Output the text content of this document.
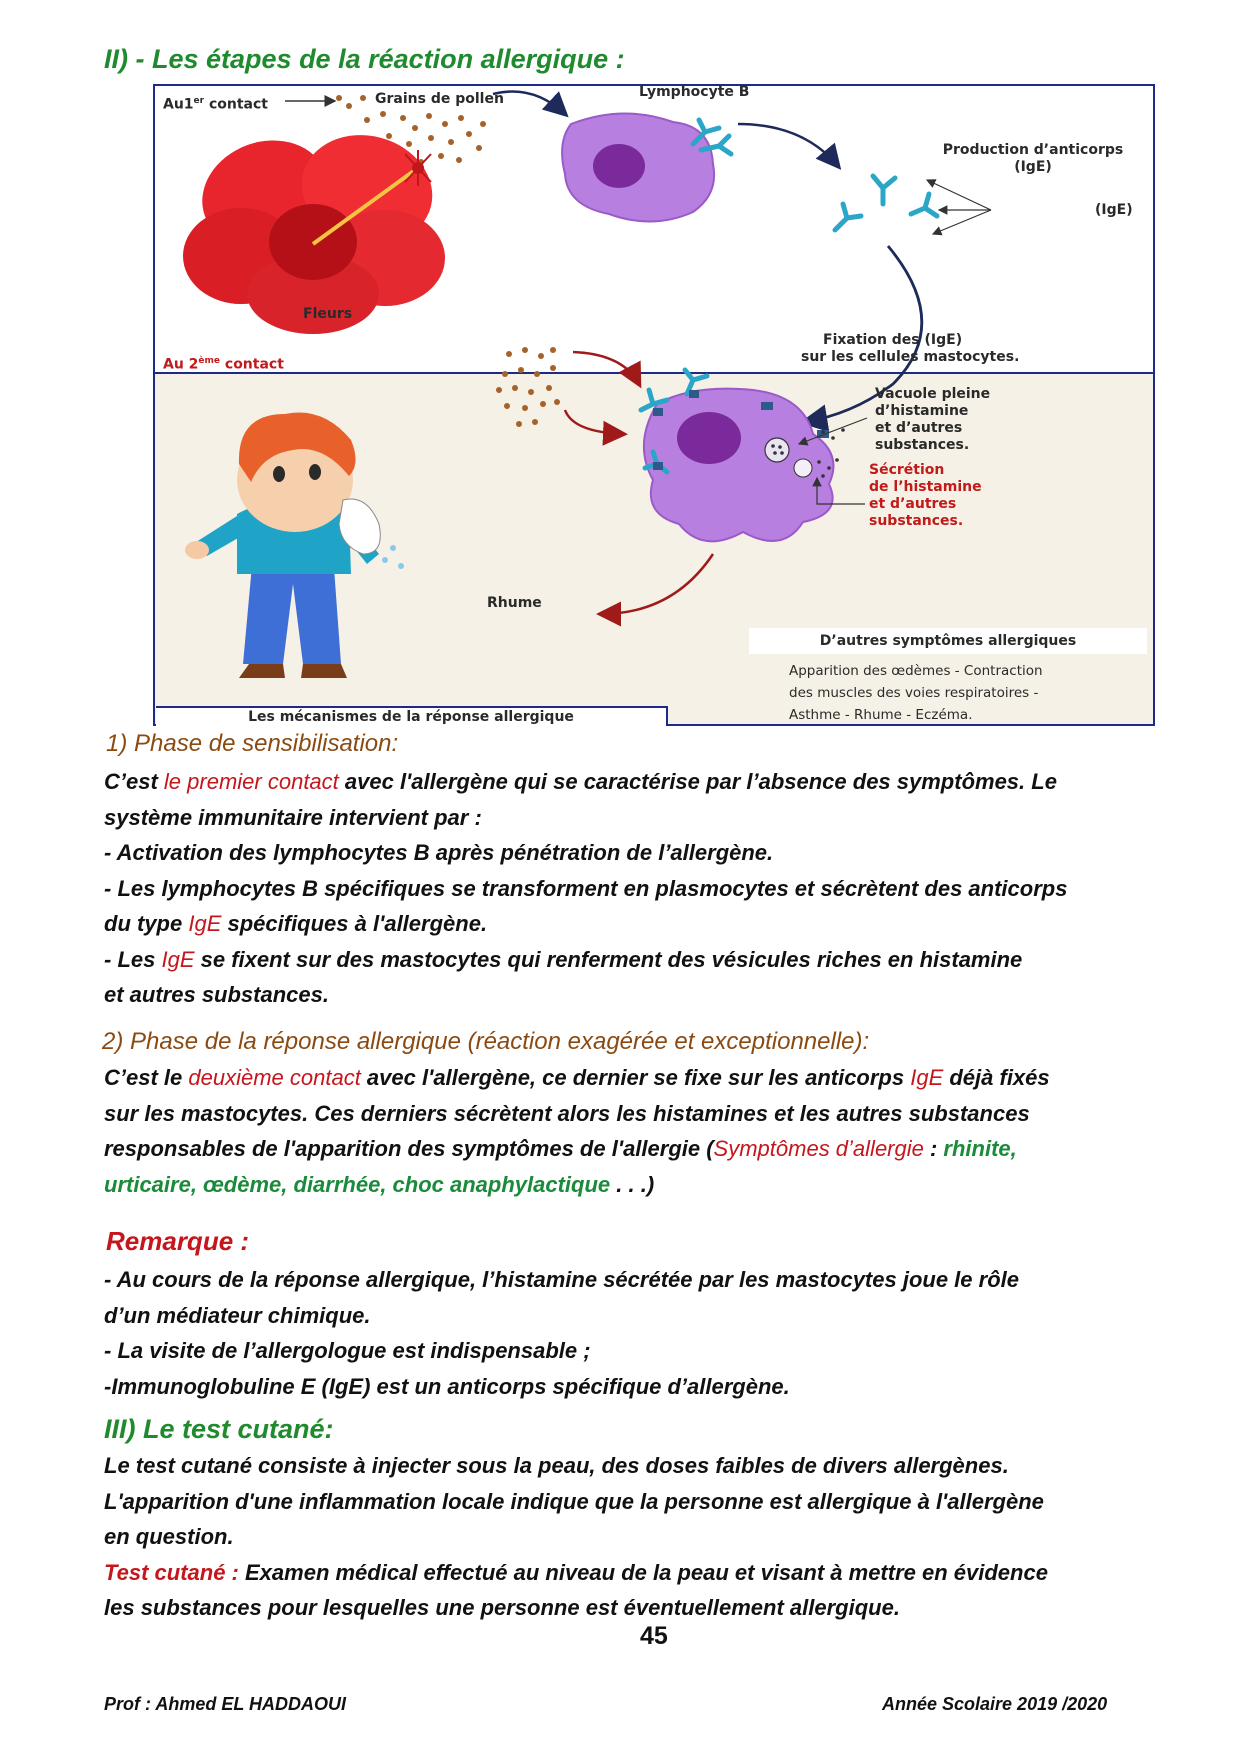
II) - Les étapes de la réaction allergique :
Au1er contact	Grains de pollen	Lymphocyte B
Production d’anticorps
(IgE)
(IgE)
Fleurs
Fixation des (IgE)
sur les cellules mastocytes.
Au 2ème contact
Vacuole pleine
d’histamine
et d’autres
substances.
Sécrétion
de l’histamine
et d’autres
substances.
Rhume
D’autres symptômes allergiques
Apparition des œdèmes - Contraction
des muscles des voies respiratoires -
Asthme - Rhume - Eczéma.
Les mécanismes de la réponse allergique
1) Phase de sensibilisation:

C’est le premier contact avec l'allergène qui se caractérise par l’absence des symptômes. Le

système immunitaire intervient par :

- Activation des lymphocytes B après pénétration de l’allergène.

- Les lymphocytes B spécifiques se transforment en plasmocytes et sécrètent des anticorps

du type IgE spécifiques à l'allergène.

- Les IgE se fixent sur des mastocytes qui renferment des vésicules riches en histamine

et autres substances.

2) Phase de la réponse allergique (réaction exagérée et exceptionnelle):

C’est le deuxième contact avec l'allergène, ce dernier se fixe sur les anticorps IgE déjà fixés

sur les mastocytes. Ces derniers sécrètent alors les histamines et les autres substances

responsables de l'apparition des symptômes de l'allergie (Symptômes d’allergie : rhinite,

urticaire, œdème, diarrhée, choc anaphylactique . . .)

Remarque :

- Au cours de la réponse allergique, l’histamine sécrétée par les mastocytes joue le rôle

d’un médiateur chimique.

- La visite de l’allergologue est indispensable ;

-Immunoglobuline E (IgE) est un anticorps spécifique d’allergène.

III) Le test cutané:

Le test cutané consiste à injecter sous la peau, des doses faibles de divers allergènes.

L'apparition d'une inflammation locale indique que la personne est allergique à l'allergène

en question.

Test cutané : Examen médical effectué au niveau de la peau et visant à mettre en évidence

les substances pour lesquelles une personne est éventuellement allergique.

45
Prof : Ahmed EL HADDAOUI	Année Scolaire 2019 /2020
